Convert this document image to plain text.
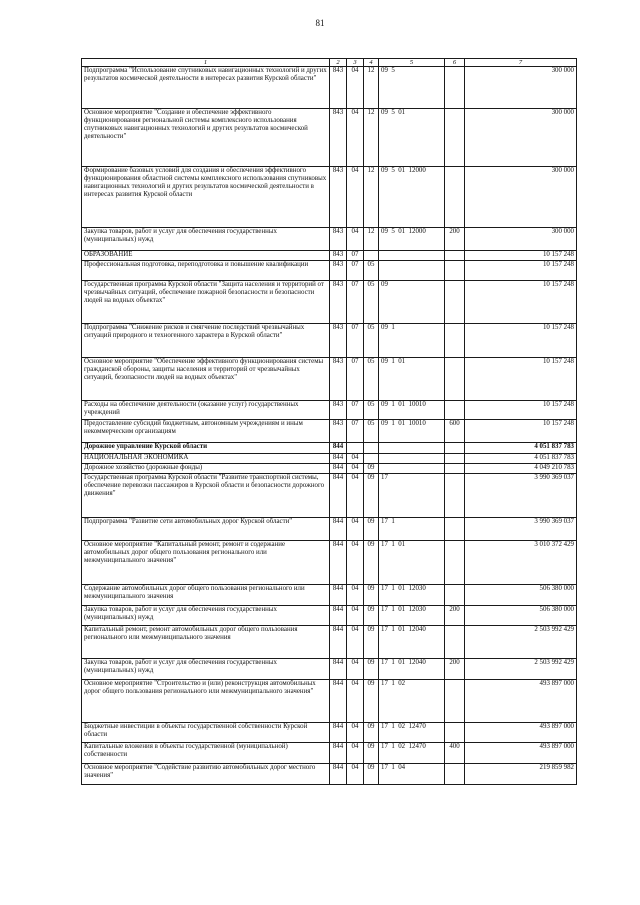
81
1	2	3	4	5	6	7
Подпрограмма "Использование спутниковых навигационных технологий и других результатов космической деятельности в интересах развития Курской области"	843	04	12	09  5		300 000
Основное мероприятие "Создание и обеспечение эффективного функционирования региональной системы комплексного использования спутниковых навигационных технологий и других результатов космической деятельности"	843	04	12	09  5  01		300 000
Формирование базовых условий для создания и обеспечения эффективного функционирования областной системы комплексного использования спутниковых навигационных технологий и других результатов космической деятельности в интересах развития Курской области	843	04	12	09  5  01  12000		300 000
Закупка товаров, работ и услуг для обеспечения государственных (муниципальных) нужд	843	04	12	09  5  01  12000	200	300 000
ОБРАЗОВАНИЕ	843	07				10 157 248
Профессиональная подготовка, переподготовка и повышение квалификации	843	07	05			10 157 248
Государственная программа Курской области "Защита населения и территорий от чрезвычайных ситуаций, обеспечение пожарной безопасности и безопасности людей на водных объектах"	843	07	05	09		10 157 248
Подпрограмма "Снижение рисков и смягчение последствий чрезвычайных ситуаций природного и техногенного характера в Курской области"	843	07	05	09  1		10 157 248
Основное мероприятие "Обеспечение эффективного функционирования системы гражданской обороны, защиты населения и территорий от чрезвычайных ситуаций, безопасности людей на водных объектах"	843	07	05	09  1  01		10 157 248
Расходы на обеспечение деятельности (оказание услуг) государственных учреждений	843	07	05	09  1  01  10010		10 157 248
Предоставление субсидий бюджетным, автономным учреждениям и иным некоммерческим организациям	843	07	05	09  1  01  10010	600	10 157 248
Дорожное управление Курской области	844					4 051 837 783
НАЦИОНАЛЬНАЯ ЭКОНОМИКА	844	04				4 051 837 783
Дорожное хозяйство (дорожные фонды)	844	04	09			4 049 210 783
Государственная программа Курской области "Развитие транспортной системы, обеспечение перевозки пассажиров в Курской области и безопасности дорожного движения"	844	04	09	17		3 990 369 037
Подпрограмма "Развитие сети автомобильных дорог Курской области"	844	04	09	17  1		3 990 369 037
Основное мероприятие "Капитальный ремонт, ремонт и содержание автомобильных дорог общего пользования регионального или межмуниципального значения"	844	04	09	17  1  01		3 010 372 429
Содержание автомобильных дорог общего пользования регионального или межмуниципального значения	844	04	09	17  1  01  12030		506 380 000
Закупка товаров, работ и услуг для обеспечения государственных (муниципальных) нужд	844	04	09	17  1  01  12030	200	506 380 000
Капитальный ремонт, ремонт автомобильных дорог общего пользования регионального или межмуниципального значения	844	04	09	17  1  01  12040		2 503 992 429
Закупка товаров, работ и услуг для обеспечения государственных (муниципальных) нужд	844	04	09	17  1  01  12040	200	2 503 992 429
Основное мероприятие "Строительство и (или) реконструкция автомобильных дорог общего пользования регионального или межмуниципального значения"	844	04	09	17  1  02		493 897 000
Бюджетные инвестиции в объекты государственной собственности Курской области	844	04	09	17  1  02  12470		493 897 000
Капитальные вложения в объекты государственной (муниципальной) собственности	844	04	09	17  1  02  12470	400	493 897 000
Основное мероприятие "Содействие развитию автомобильных дорог местного значения"	844	04	09	17  1  04		219 859 982
